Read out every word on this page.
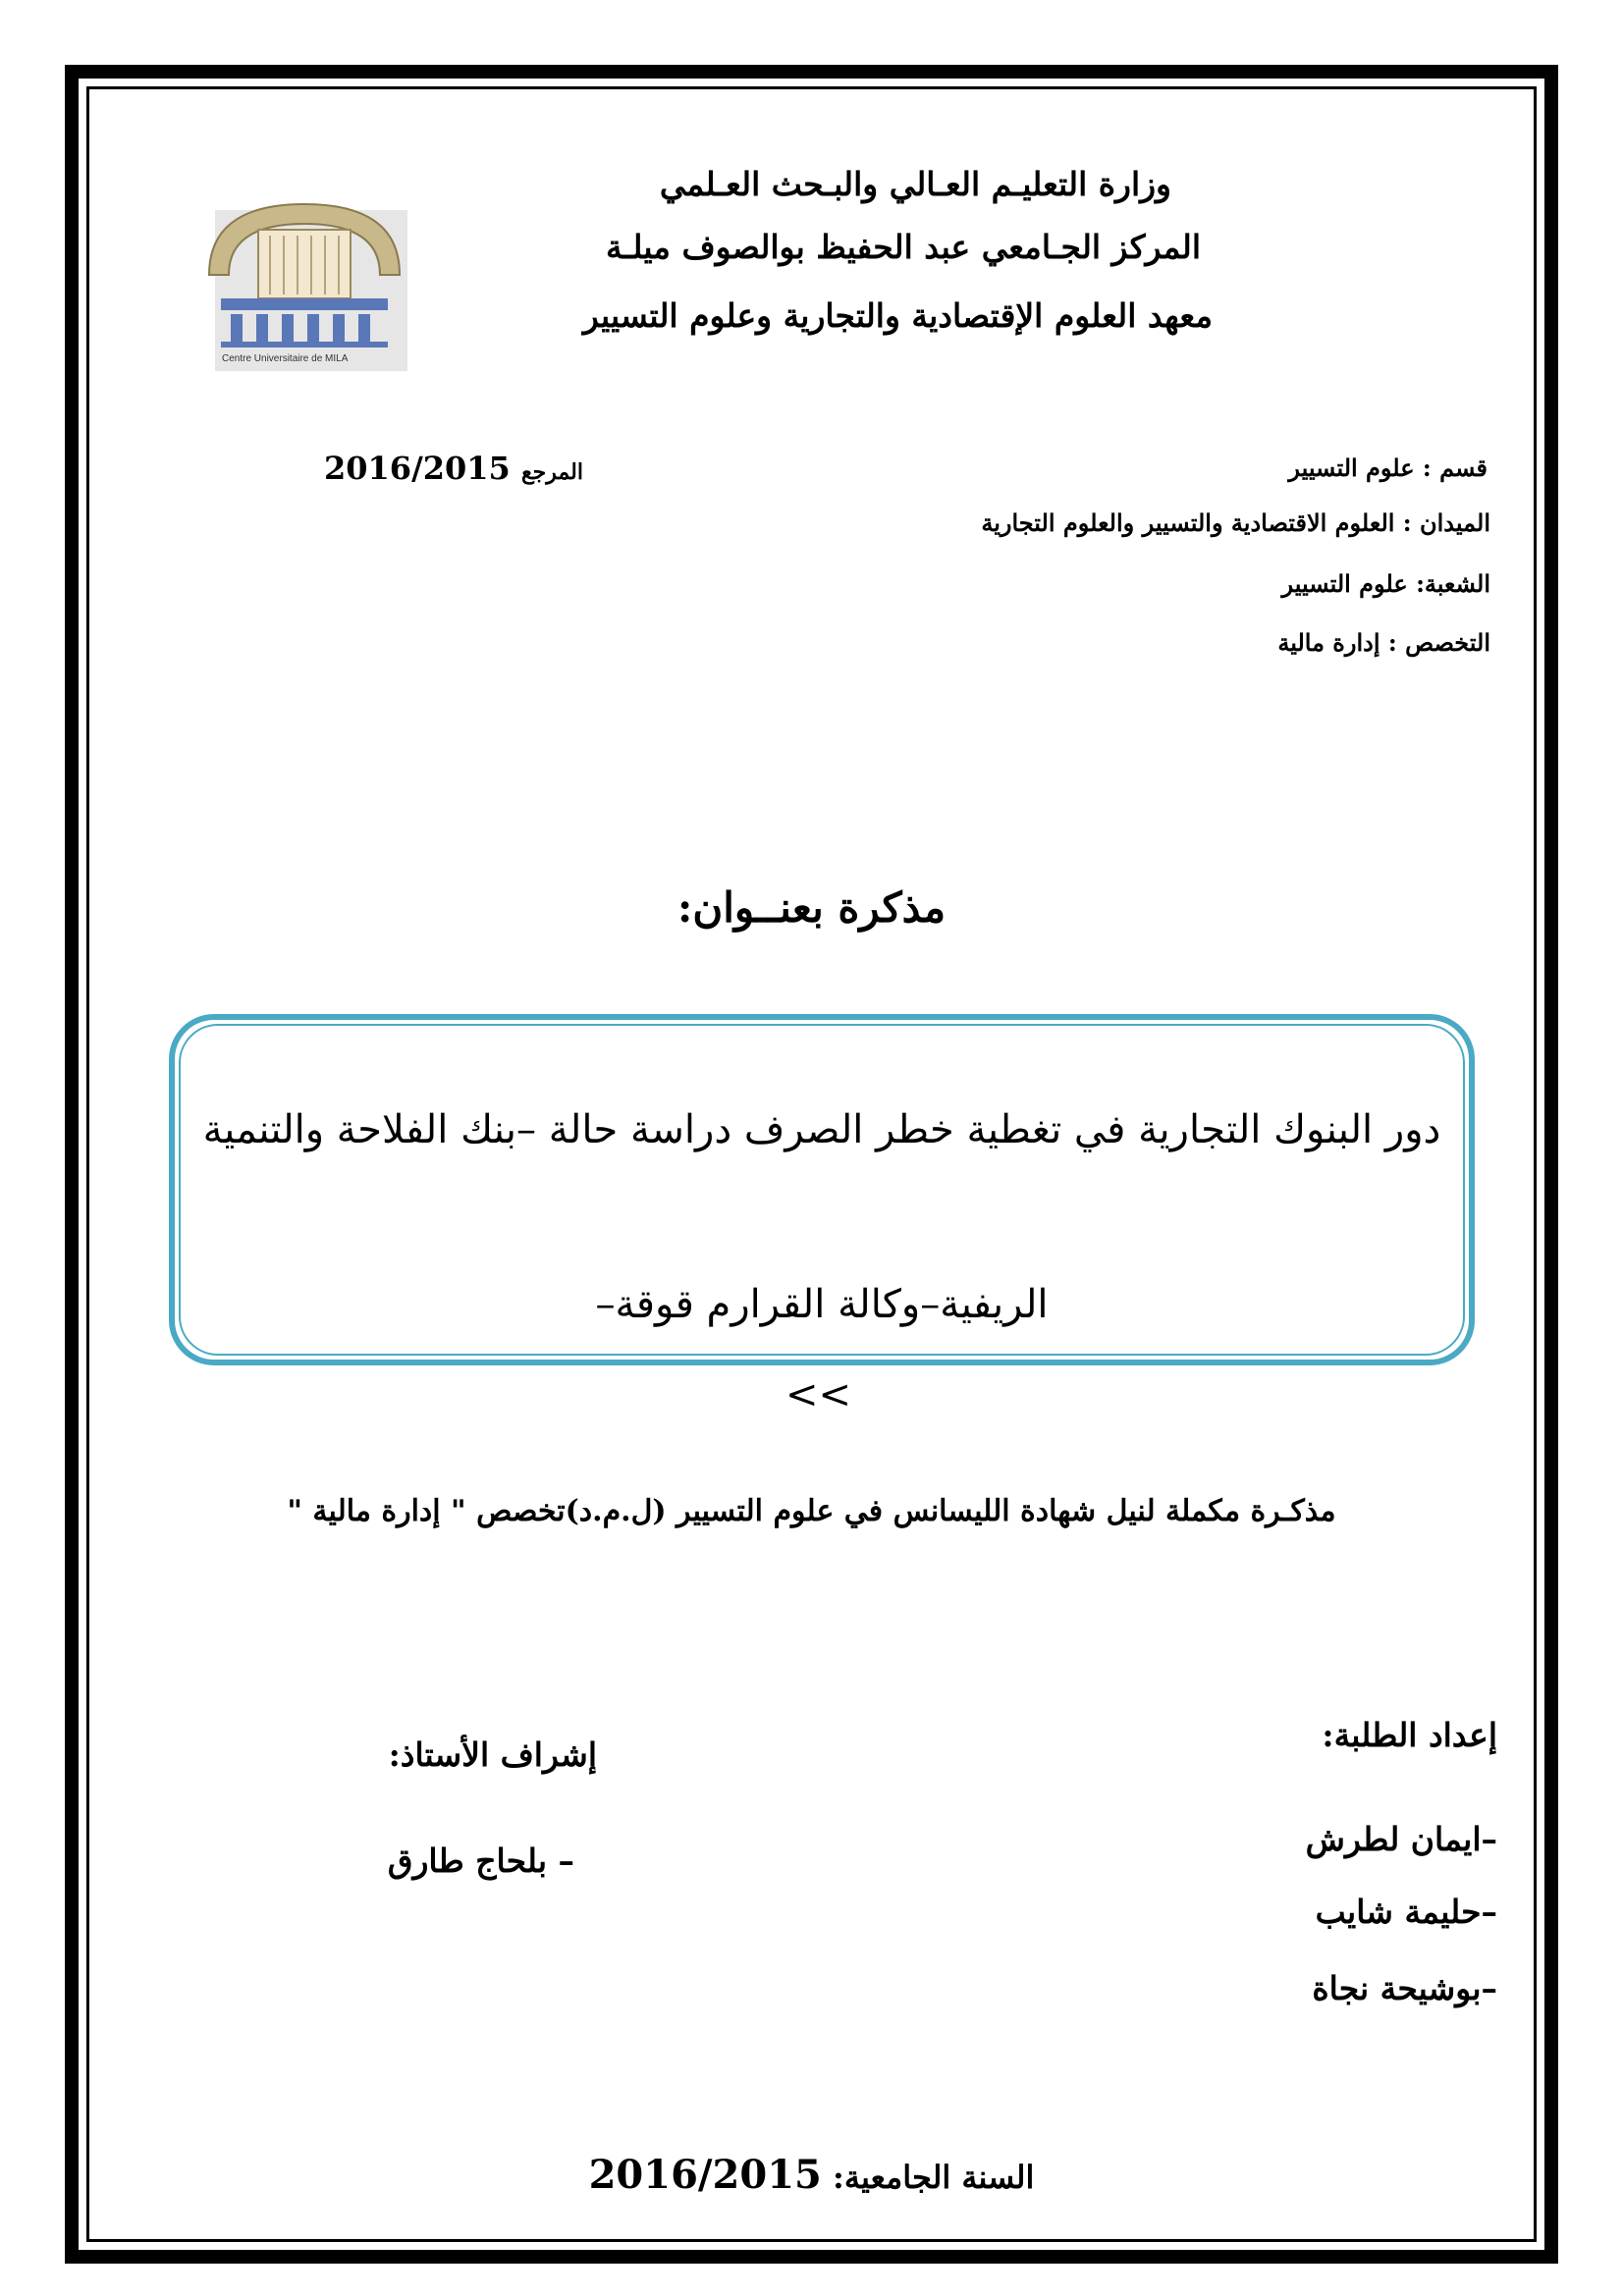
وزارة التعليـم العـالي والبـحث العـلمي
المركز الجـامعي عبد الحفيظ بوالصوف ميلـة
معهد العلوم الإقتصادية والتجارية وعلوم التسيير
Centre Universitaire de MILA
قسم : علوم التسيير
المرجع 2016/2015
الميدان : العلوم الاقتصادية والتسيير والعلوم التجارية
الشعبة: علوم التسيير
التخصص : إدارة مالية
مذكرة بعنــوان:
دور البنوك التجارية في تغطية خطر الصرف دراسة حالة –بنك الفلاحة والتنمية
الريفية–وكالة القرارم قوقة–
<<
مذكـرة مكملة لنيل شهادة الليسانس في علوم التسيير (ل.م.د)تخصص " إدارة مالية "
إعداد الطلبة:
–ايمان لطرش
–حليمة شايب
–بوشيحة نجاة
إشراف الأستاذ:
– بلحاج طارق
السنة الجامعية: 2016/2015
